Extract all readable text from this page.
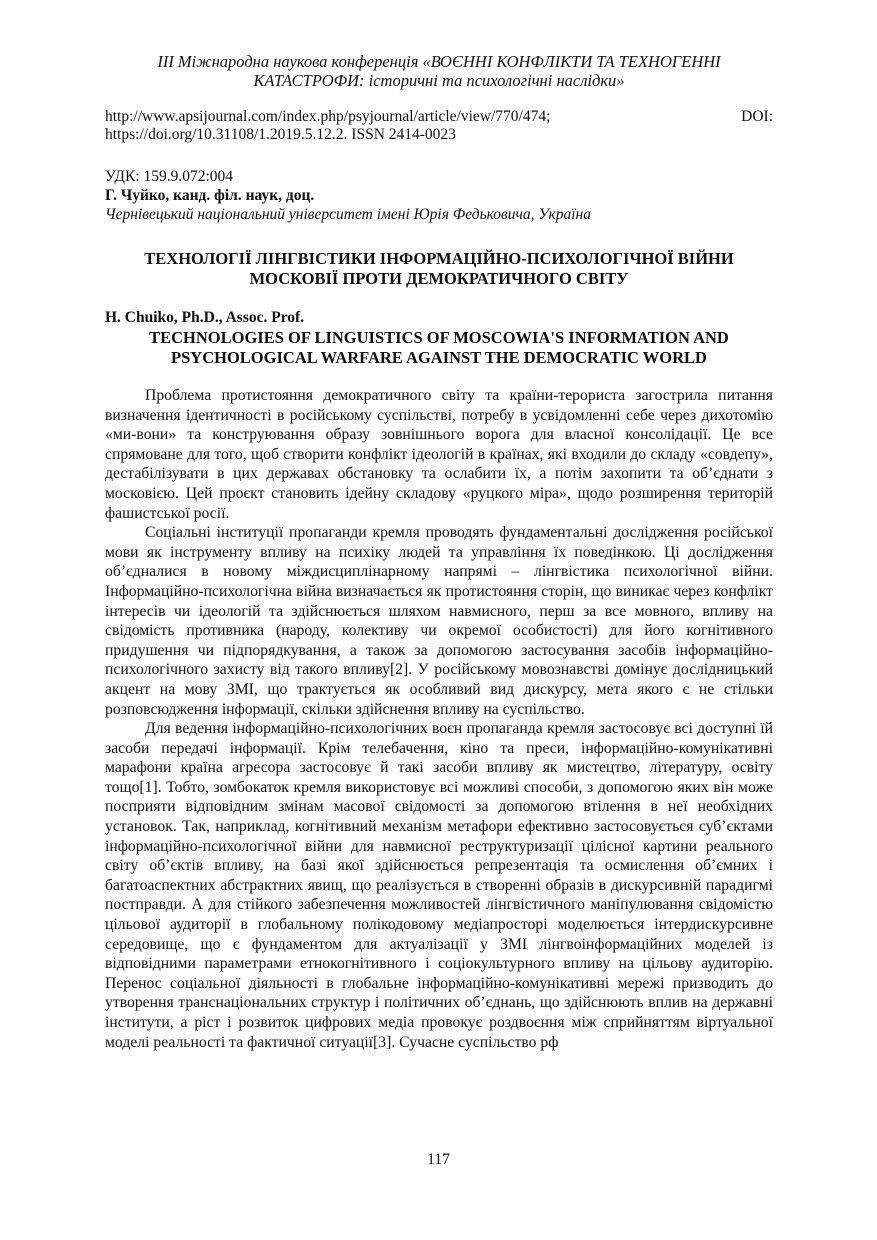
ІІІ Міжнародна наукова конференція «ВОЄННІ КОНФЛІКТИ ТА ТЕХНОГЕННІ
КАТАСТРОФИ: історичні та психологічні наслідки»
http://www.apsijournal.com/index.php/psyjournal/article/view/770/474;	DOI:
https://doi.org/10.31108/1.2019.5.12.2. ISSN 2414-0023
УДК: 159.9.072:004
Г. Чуйко, канд. філ. наук, доц.
Чернівецький національний університет імені Юрія Федьковича, Україна
ТЕХНОЛОГІЇ ЛІНГВІСТИКИ ІНФОРМАЦІЙНО-ПСИХОЛОГІЧНОЇ ВІЙНИ
МОСКОВІЇ ПРОТИ ДЕМОКРАТИЧНОГО СВІТУ
H. Chuiko, Ph.D., Assoc. Prof.
TECHNOLOGIES OF LINGUISTICS OF MOSCOWIA'S INFORMATION AND
PSYCHOLOGICAL WARFARE AGAINST THE DEMOCRATIC WORLD

Проблема протистояння демократичного світу та країни-терориста загострила питання визначення ідентичності в російському суспільстві, потребу в усвідомленні себе через дихотомію «ми-вони» та конструювання образу зовнішнього ворога для власної консолідації. Це все спрямоване для того, щоб створити конфлікт ідеологій в країнах, які входили до складу «совдепу», дестабілізувати в цих державах обстановку та ослабити їх, а потім захопити та об’єднати з московією. Цей проєкт становить ідейну складову «руцкого міра», щодо розширення територій фашистської росії.

Соціальні інституції пропаганди кремля проводять фундаментальні дослідження російської мови як інструменту впливу на психіку людей та управління їх поведінкою. Ці дослідження об’єдналися в новому міждисциплінарному напрямі – лінгвістика психологічної війни. Інформаційно-психологічна війна визначається як протистояння сторін, що виникає через конфлікт інтересів чи ідеологій та здійснюється шляхом навмисного, перш за все мовного, впливу на свідомість противника (народу, колективу чи окремої особистості) для його когнітивного придушення чи підпорядкування, а також за допомогою застосування засобів інформаційно-психологічного захисту від такого впливу[2]. У російському мовознавстві домінує дослідницький акцент на мову ЗМІ, що трактується як особливий вид дискурсу, мета якого є не стільки розповсюдження інформації, скільки здійснення впливу на суспільство.

Для ведення інформаційно-психологічних воєн пропаганда кремля застосовує всі доступні їй засоби передачі інформації. Крім телебачення, кіно та преси, інформаційно-комунікативні марафони країна агресора застосовує й такі засоби впливу як мистецтво, літературу, освіту тощо[1]. Тобто, зомбокаток кремля використовує всі можливі способи, з допомогою яких він може посприяти відповідним змінам масової свідомості за допомогою втілення в неї необхідних установок. Так, наприклад, когнітивний механізм метафори ефективно застосовується суб’єктами інформаційно-психологічної війни для навмисної реструктуризації цілісної картини реального світу об’єктів впливу, на базі якої здійснюється репрезентація та осмислення об’ємних і багатоаспектних абстрактних явищ, що реалізується в створенні образів в дискурсивній парадигмі постправди. А для стійкого забезпечення можливостей лінгвістичного маніпулювання свідомістю цільової аудиторії в глобальному полікодовому медіапросторі моделюється інтердискурсивне середовище, що є фундаментом для актуалізації у ЗМІ лінгвоінформаційних моделей із відповідними параметрами етнокогнітивного і соціокультурного впливу на цільову аудиторію. Перенос соціальної діяльності в глобальне інформаційно-комунікативні мережі призводить до утворення транснаціональних структур і політичних об’єднань, що здійснюють вплив на державні інститути, а ріст і розвиток цифрових медіа провокує роздвоєння між сприйняттям віртуальної моделі реальності та фактичної ситуації[3]. Сучасне суспільство рф

117
